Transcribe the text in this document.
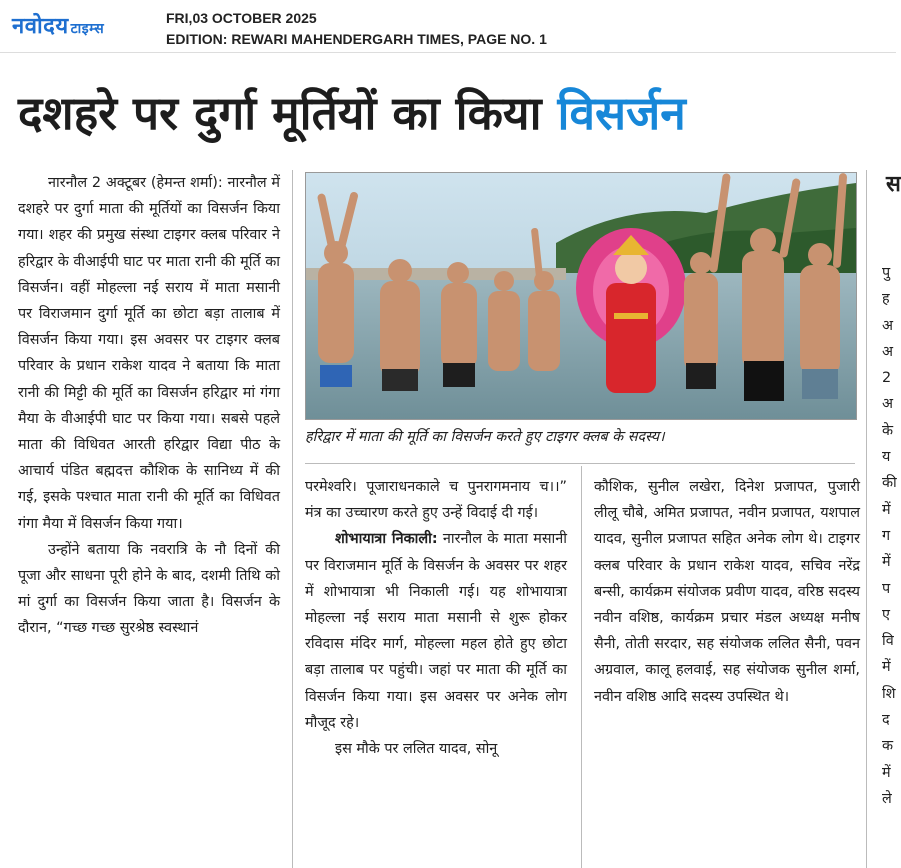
नवोदय टाइम्स
FRI,03 OCTOBER 2025
EDITION: REWARI MAHENDERGARH TIMES, PAGE NO. 1
दशहरे पर दुर्गा मूर्तियों का किया विसर्जन

नारनौल 2 अक्टूबर (हेमन्त शर्मा): नारनौल में दशहरे पर दुर्गा माता की मूर्तियों का विसर्जन किया गया। शहर की प्रमुख संस्था टाइगर क्लब परिवार ने हरिद्वार के वीआईपी घाट पर माता रानी की मूर्ति का विसर्जन। वहीं मोहल्ला नई सराय में माता मसानी पर विराजमान दुर्गा मूर्ति का छोटा बड़ा तालाब में विसर्जन किया गया। इस अवसर पर टाइगर क्लब परिवार के प्रधान राकेश यादव ने बताया कि माता रानी की मिट्टी की मूर्ति का विसर्जन हरिद्वार मां गंगा मैया के वीआईपी घाट पर किया गया। सबसे पहले माता की विधिवत आरती हरिद्वार विद्या पीठ के आचार्य पंडित बह्मदत्त कौशिक के सानिध्य में की गई, इसके पश्चात माता रानी की मूर्ति का विधिवत गंगा मैया में विसर्जन किया गया।

उन्होंने बताया कि नवरात्रि के नौ दिनों की पूजा और साधना पूरी होने के बाद, दशमी तिथि को मां दुर्गा का विसर्जन किया जाता है। विसर्जन के दौरान, “गच्छ गच्छ सुरश्रेष्ठ स्वस्थानं

हरिद्वार में माता की मूर्ति का विसर्जन करते हुए टाइगर क्लब के सदस्य।

परमेश्वरि। पूजाराधनकाले च पुनरागमनाय च।।” मंत्र का उच्चारण करते हुए उन्हें विदाई दी गई।

शोभायात्रा निकाली: नारनौल के माता मसानी पर विराजमान मूर्ति के विसर्जन के अवसर पर शहर में शोभायात्रा भी निकाली गई। यह शोभायात्रा मोहल्ला नई सराय माता मसानी से शुरू होकर रविदास मंदिर मार्ग, मोहल्ला महल होते हुए छोटा बड़ा तालाब पर पहुंची। जहां पर माता की मूर्ति का विसर्जन किया गया। इस अवसर पर अनेक लोग मौजूद रहे।

इस मौके पर ललित यादव, सोनू

कौशिक, सुनील लखेरा, दिनेश प्रजापत, पुजारी लीलू चौबे, अमित प्रजापत, नवीन प्रजापत, यशपाल यादव, सुनील प्रजापत सहित अनेक लोग थे। टाइगर क्लब परिवार के प्रधान राकेश यादव, सचिव नरेंद्र बन्सी, कार्यक्रम संयोजक प्रवीण यादव, वरिष्ठ सदस्य नवीन वशिष्ठ, कार्यक्रम प्रचार मंडल अध्यक्ष मनीष सैनी, तोती सरदार, सह संयोजक ललित सैनी, पवन अग्रवाल, कालू हलवाई, सह संयोजक सुनील शर्मा, नवीन वशिष्ठ आदि सदस्य उपस्थित थे।

स
पु
ह
अ
अ
2
अ
के
य
की
में
ग
में
प
ए
वि
में
शि
द
क
में
ले
